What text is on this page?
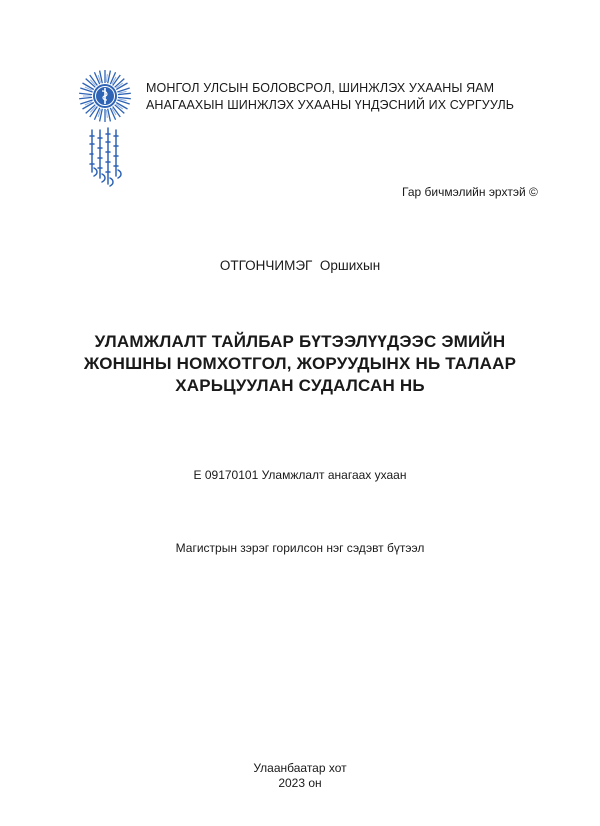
МОНГОЛ УЛСЫН БОЛОВСРОЛ, ШИНЖЛЭХ УХААНЫ ЯАМ
АНАГААХЫН ШИНЖЛЭХ УХААНЫ ҮНДЭСНИЙ ИХ СУРГУУЛЬ
Гар бичмэлийн эрхтэй ©
ОТГОНЧИМЭГ  Оршихын
УЛАМЖЛАЛТ ТАЙЛБАР БҮТЭЭЛҮҮДЭЭС ЭМИЙН
ЖОНШНЫ НОМХОТГОЛ, ЖОРУУДЫНХ НЬ ТАЛААР
ХАРЬЦУУЛАН СУДАЛСАН НЬ
E 09170101 Уламжлалт анагаах ухаан
Магистрын зэрэг горилсон нэг сэдэвт бүтээл
Улаанбаатар хот
2023 он
